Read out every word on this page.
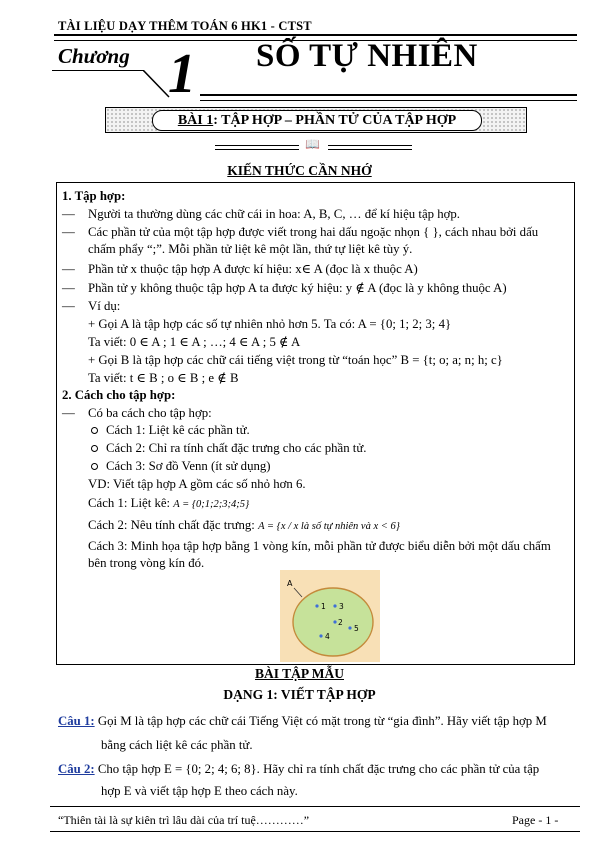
TÀI LIỆU DẠY THÊM TOÁN 6 HK1 - CTST
Chương 1 SỐ TỰ NHIÊN
BÀI 1: TẬP HỢP – PHẦN TỬ CỦA TẬP HỢP
📖
KIẾN THỨC CẦN NHỚ
1. Tập hợp:
— Người ta thường dùng các chữ cái in hoa: A, B, C, … để kí hiệu tập hợp.
— Các phần tử của một tập hợp được viết trong hai dấu ngoặc nhọn { }, cách nhau bởi dấu
chấm phẩy “;”. Mỗi phần tử liệt kê một lần, thứ tự liệt kê tùy ý.
— Phần tử x thuộc tập hợp A được kí hiệu: x∈ A (đọc là x thuộc A)
— Phần tử y không thuộc tập hợp A ta được ký hiệu: y ∉ A (đọc là y không thuộc A)
— Ví dụ:
+ Gọi A là tập hợp các số tự nhiên nhỏ hơn 5. Ta có: A = {0; 1; 2; 3; 4}
Ta viết: 0 ∈ A ; 1 ∈ A ; …; 4 ∈ A ; 5 ∉ A
+ Gọi B là tập hợp các chữ cái tiếng việt trong từ “toán học” B = {t; o; a; n; h; c}
Ta viết: t ∈ B ; o ∈ B ; e ∉ B
2. Cách cho tập hợp:
— Có ba cách cho tập hợp:
Cách 1: Liệt kê các phần tử.
Cách 2: Chỉ ra tính chất đặc trưng cho các phần tử.
Cách 3: Sơ đồ Venn (ít sử dụng)
VD: Viết tập hợp A gồm các số nhỏ hơn 6.
Cách 1: Liệt kê: A = {0;1;2;3;4;5}
Cách 2: Nêu tính chất đặc trưng: A = {x / x là số tự nhiên và x < 6}
Cách 3: Minh họa tập hợp bằng 1 vòng kín, mỗi phần tử được biểu diễn bởi một dấu chấm
bên trong vòng kín đó.
A
1 3
2
5
4
BÀI TẬP MẪU
DẠNG 1: VIẾT TẬP HỢP
Câu 1: Gọi M là tập hợp các chữ cái Tiếng Việt có mặt trong từ “gia đình”. Hãy viết tập hợp M
bằng cách liệt kê các phần tử.
Câu 2: Cho tập hợp E = {0; 2; 4; 6; 8}. Hãy chỉ ra tính chất đặc trưng cho các phần tử của tập
hợp E và viết tập hợp E theo cách này.
“Thiên tài là sự kiên trì lâu dài của trí tuệ…………”	Page - 1 -
